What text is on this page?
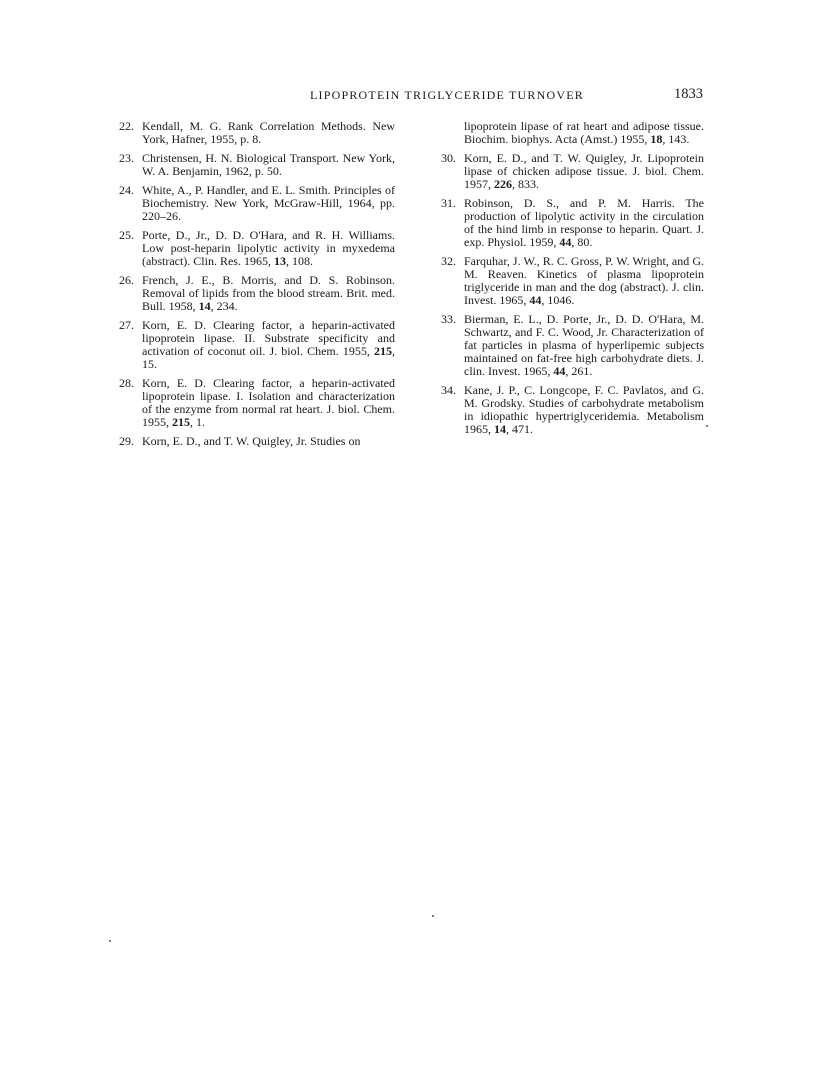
LIPOPROTEIN TRIGLYCERIDE TURNOVER	1833
22. Kendall, M. G. Rank Correlation Methods. New York, Hafner, 1955, p. 8.
23. Christensen, H. N. Biological Transport. New York, W. A. Benjamin, 1962, p. 50.
24. White, A., P. Handler, and E. L. Smith. Principles of Biochemistry. New York, McGraw-Hill, 1964, pp. 220–26.
25. Porte, D., Jr., D. D. O'Hara, and R. H. Williams. Low post-heparin lipolytic activity in myxedema (abstract). Clin. Res. 1965, 13, 108.
26. French, J. E., B. Morris, and D. S. Robinson. Removal of lipids from the blood stream. Brit. med. Bull. 1958, 14, 234.
27. Korn, E. D. Clearing factor, a heparin-activated lipoprotein lipase. II. Substrate specificity and activation of coconut oil. J. biol. Chem. 1955, 215, 15.
28. Korn, E. D. Clearing factor, a heparin-activated lipoprotein lipase. I. Isolation and characterization of the enzyme from normal rat heart. J. biol. Chem. 1955, 215, 1.
29. Korn, E. D., and T. W. Quigley, Jr. Studies on
lipoprotein lipase of rat heart and adipose tissue. Biochim. biophys. Acta (Amst.) 1955, 18, 143.
30. Korn, E. D., and T. W. Quigley, Jr. Lipoprotein lipase of chicken adipose tissue. J. biol. Chem. 1957, 226, 833.
31. Robinson, D. S., and P. M. Harris. The production of lipolytic activity in the circulation of the hind limb in response to heparin. Quart. J. exp. Physiol. 1959, 44, 80.
32. Farquhar, J. W., R. C. Gross, P. W. Wright, and G. M. Reaven. Kinetics of plasma lipoprotein triglyceride in man and the dog (abstract). J. clin. Invest. 1965, 44, 1046.
33. Bierman, E. L., D. Porte, Jr., D. D. O'Hara, M. Schwartz, and F. C. Wood, Jr. Characterization of fat particles in plasma of hyperlipemic subjects maintained on fat-free high carbohydrate diets. J. clin. Invest. 1965, 44, 261.
34. Kane, J. P., C. Longcope, F. C. Pavlatos, and G. M. Grodsky. Studies of carbohydrate metabolism in idiopathic hypertriglyceridemia. Metabolism 1965, 14, 471.
